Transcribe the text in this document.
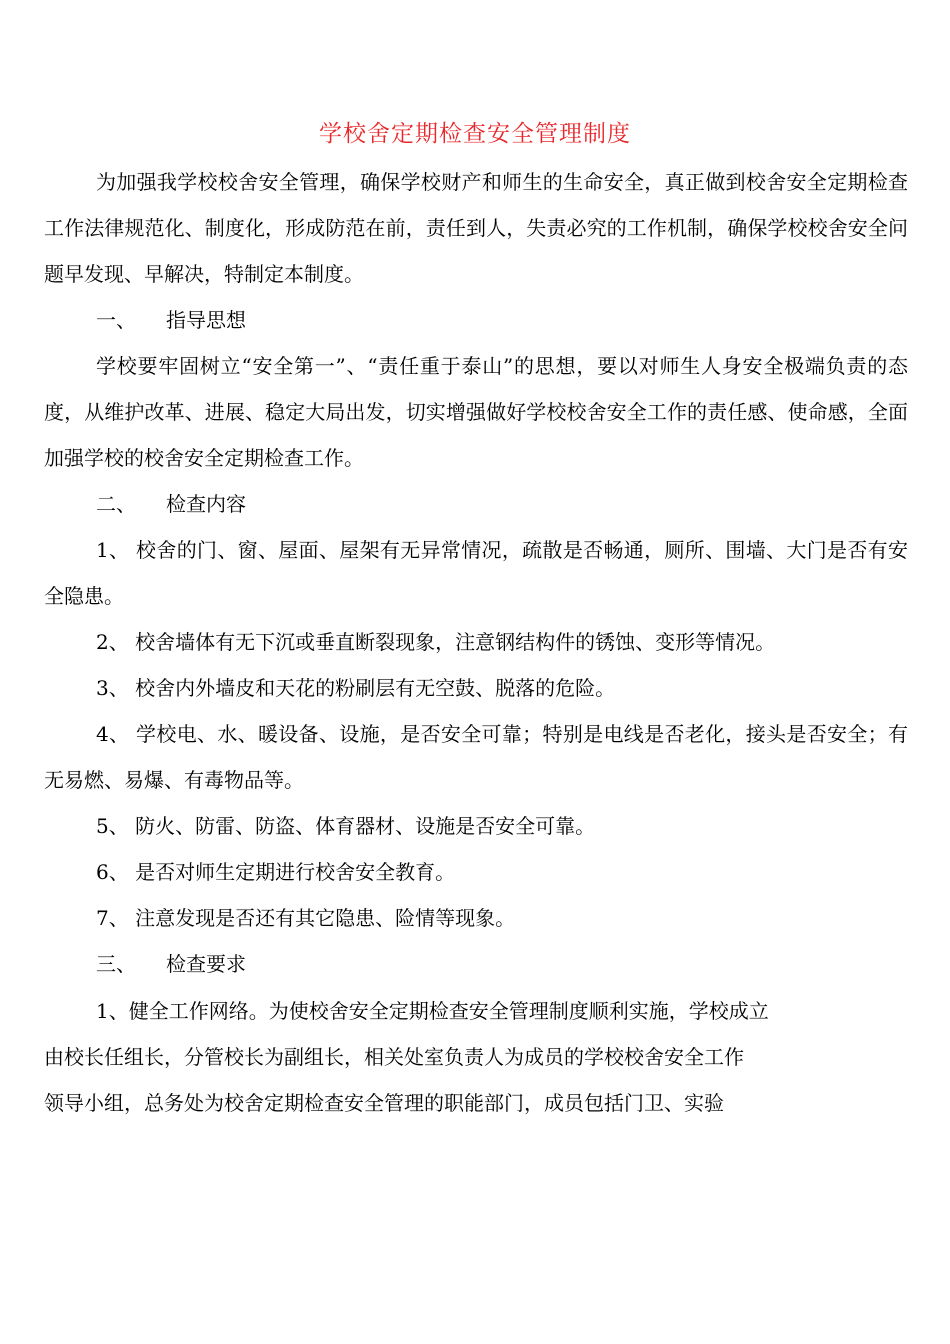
学校舍定期检查安全管理制度

为加强我学校校舍安全管理，确保学校财产和师生的生命安全，真正做到校舍安全定期检查工作法律规范化、制度化，形成防范在前，责任到人，失责必究的工作机制，确保学校校舍安全问题早发现、早解决，特制定本制度。

一、 指导思想

学校要牢固树立“安全第一”、“责任重于泰山”的思想，要以对师生人身安全极端负责的态度，从维护改革、进展、稳定大局出发，切实增强做好学校校舍安全工作的责任感、使命感，全面加强学校的校舍安全定期检查工作。

二、 检查内容

1、 校舍的门、窗、屋面、屋架有无异常情况，疏散是否畅通，厕所、围墙、大门是否有安全隐患。

2、 校舍墙体有无下沉或垂直断裂现象，注意钢结构件的锈蚀、变形等情况。

3、 校舍内外墙皮和天花的粉刷层有无空鼓、脱落的危险。

4、 学校电、水、暖设备、设施，是否安全可靠；特别是电线是否老化，接头是否安全；有无易燃、易爆、有毒物品等。

5、 防火、防雷、防盗、体育器材、设施是否安全可靠。

6、 是否对师生定期进行校舍安全教育。

7、 注意发现是否还有其它隐患、险情等现象。

三、 检查要求

1、健全工作网络。为使校舍安全定期检查安全管理制度顺利实施，学校成立

由校长任组长，分管校长为副组长，相关处室负责人为成员的学校校舍安全工作

领导小组，总务处为校舍定期检查安全管理的职能部门，成员包括门卫、实验
